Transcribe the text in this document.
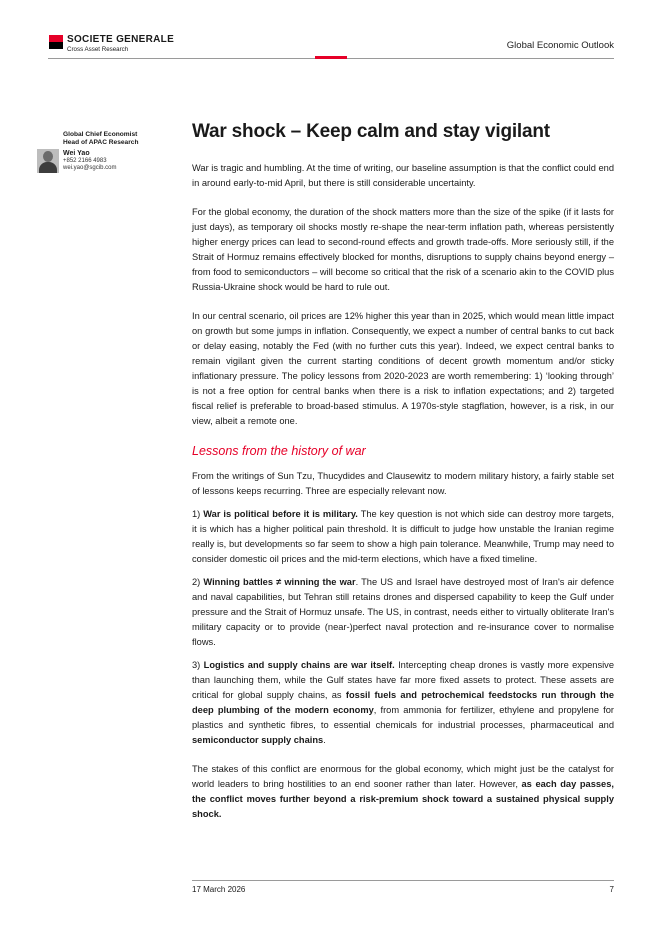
SOCIETE GENERALE
Cross Asset Research	Global Economic Outlook
Global Chief Economist
Head of APAC Research
Wei Yao
+852 2166 4983
wei.yao@sgcib.com
War shock – Keep calm and stay vigilant

War is tragic and humbling. At the time of writing, our baseline assumption is that the conflict could end in around early-to-mid April, but there is still considerable uncertainty.

For the global economy, the duration of the shock matters more than the size of the spike (if it lasts for just days), as temporary oil shocks mostly re-shape the near-term inflation path, whereas persistently higher energy prices can lead to second-round effects and growth trade-offs. More seriously still, if the Strait of Hormuz remains effectively blocked for months, disruptions to supply chains beyond energy – from food to semiconductors – will become so critical that the risk of a scenario akin to the COVID plus Russia-Ukraine shock would be hard to rule out.

In our central scenario, oil prices are 12% higher this year than in 2025, which would mean little impact on growth but some jumps in inflation. Consequently, we expect a number of central banks to cut back or delay easing, notably the Fed (with no further cuts this year). Indeed, we expect central banks to remain vigilant given the current starting conditions of decent growth momentum and/or sticky inflationary pressure. The policy lessons from 2020-2023 are worth remembering: 1) ‘looking through’ is not a free option for central banks when there is a risk to inflation expectations; and 2) targeted fiscal relief is preferable to broad-based stimulus. A 1970s-style stagflation, however, is a risk, in our view, albeit a remote one.

Lessons from the history of war

From the writings of Sun Tzu, Thucydides and Clausewitz to modern military history, a fairly stable set of lessons keeps recurring. Three are especially relevant now.

1) War is political before it is military. The key question is not which side can destroy more targets, it is which has a higher political pain threshold. It is difficult to judge how unstable the Iranian regime really is, but developments so far seem to show a high pain tolerance. Meanwhile, Trump may need to consider domestic oil prices and the mid-term elections, which have a fixed timeline.

2) Winning battles ≠ winning the war. The US and Israel have destroyed most of Iran's air defence and naval capabilities, but Tehran still retains drones and dispersed capability to keep the Gulf under pressure and the Strait of Hormuz unsafe. The US, in contrast, needs either to virtually obliterate Iran's military capacity or to provide (near-)perfect naval protection and re-insurance cover to normalise flows.

3) Logistics and supply chains are war itself. Intercepting cheap drones is vastly more expensive than launching them, while the Gulf states have far more fixed assets to protect. These assets are critical for global supply chains, as fossil fuels and petrochemical feedstocks run through the deep plumbing of the modern economy, from ammonia for fertilizer, ethylene and propylene for plastics and synthetic fibres, to essential chemicals for industrial processes, pharmaceutical and semiconductor supply chains.

The stakes of this conflict are enormous for the global economy, which might just be the catalyst for world leaders to bring hostilities to an end sooner rather than later. However, as each day passes, the conflict moves further beyond a risk-premium shock toward a sustained physical supply shock.

17 March 2026	7
